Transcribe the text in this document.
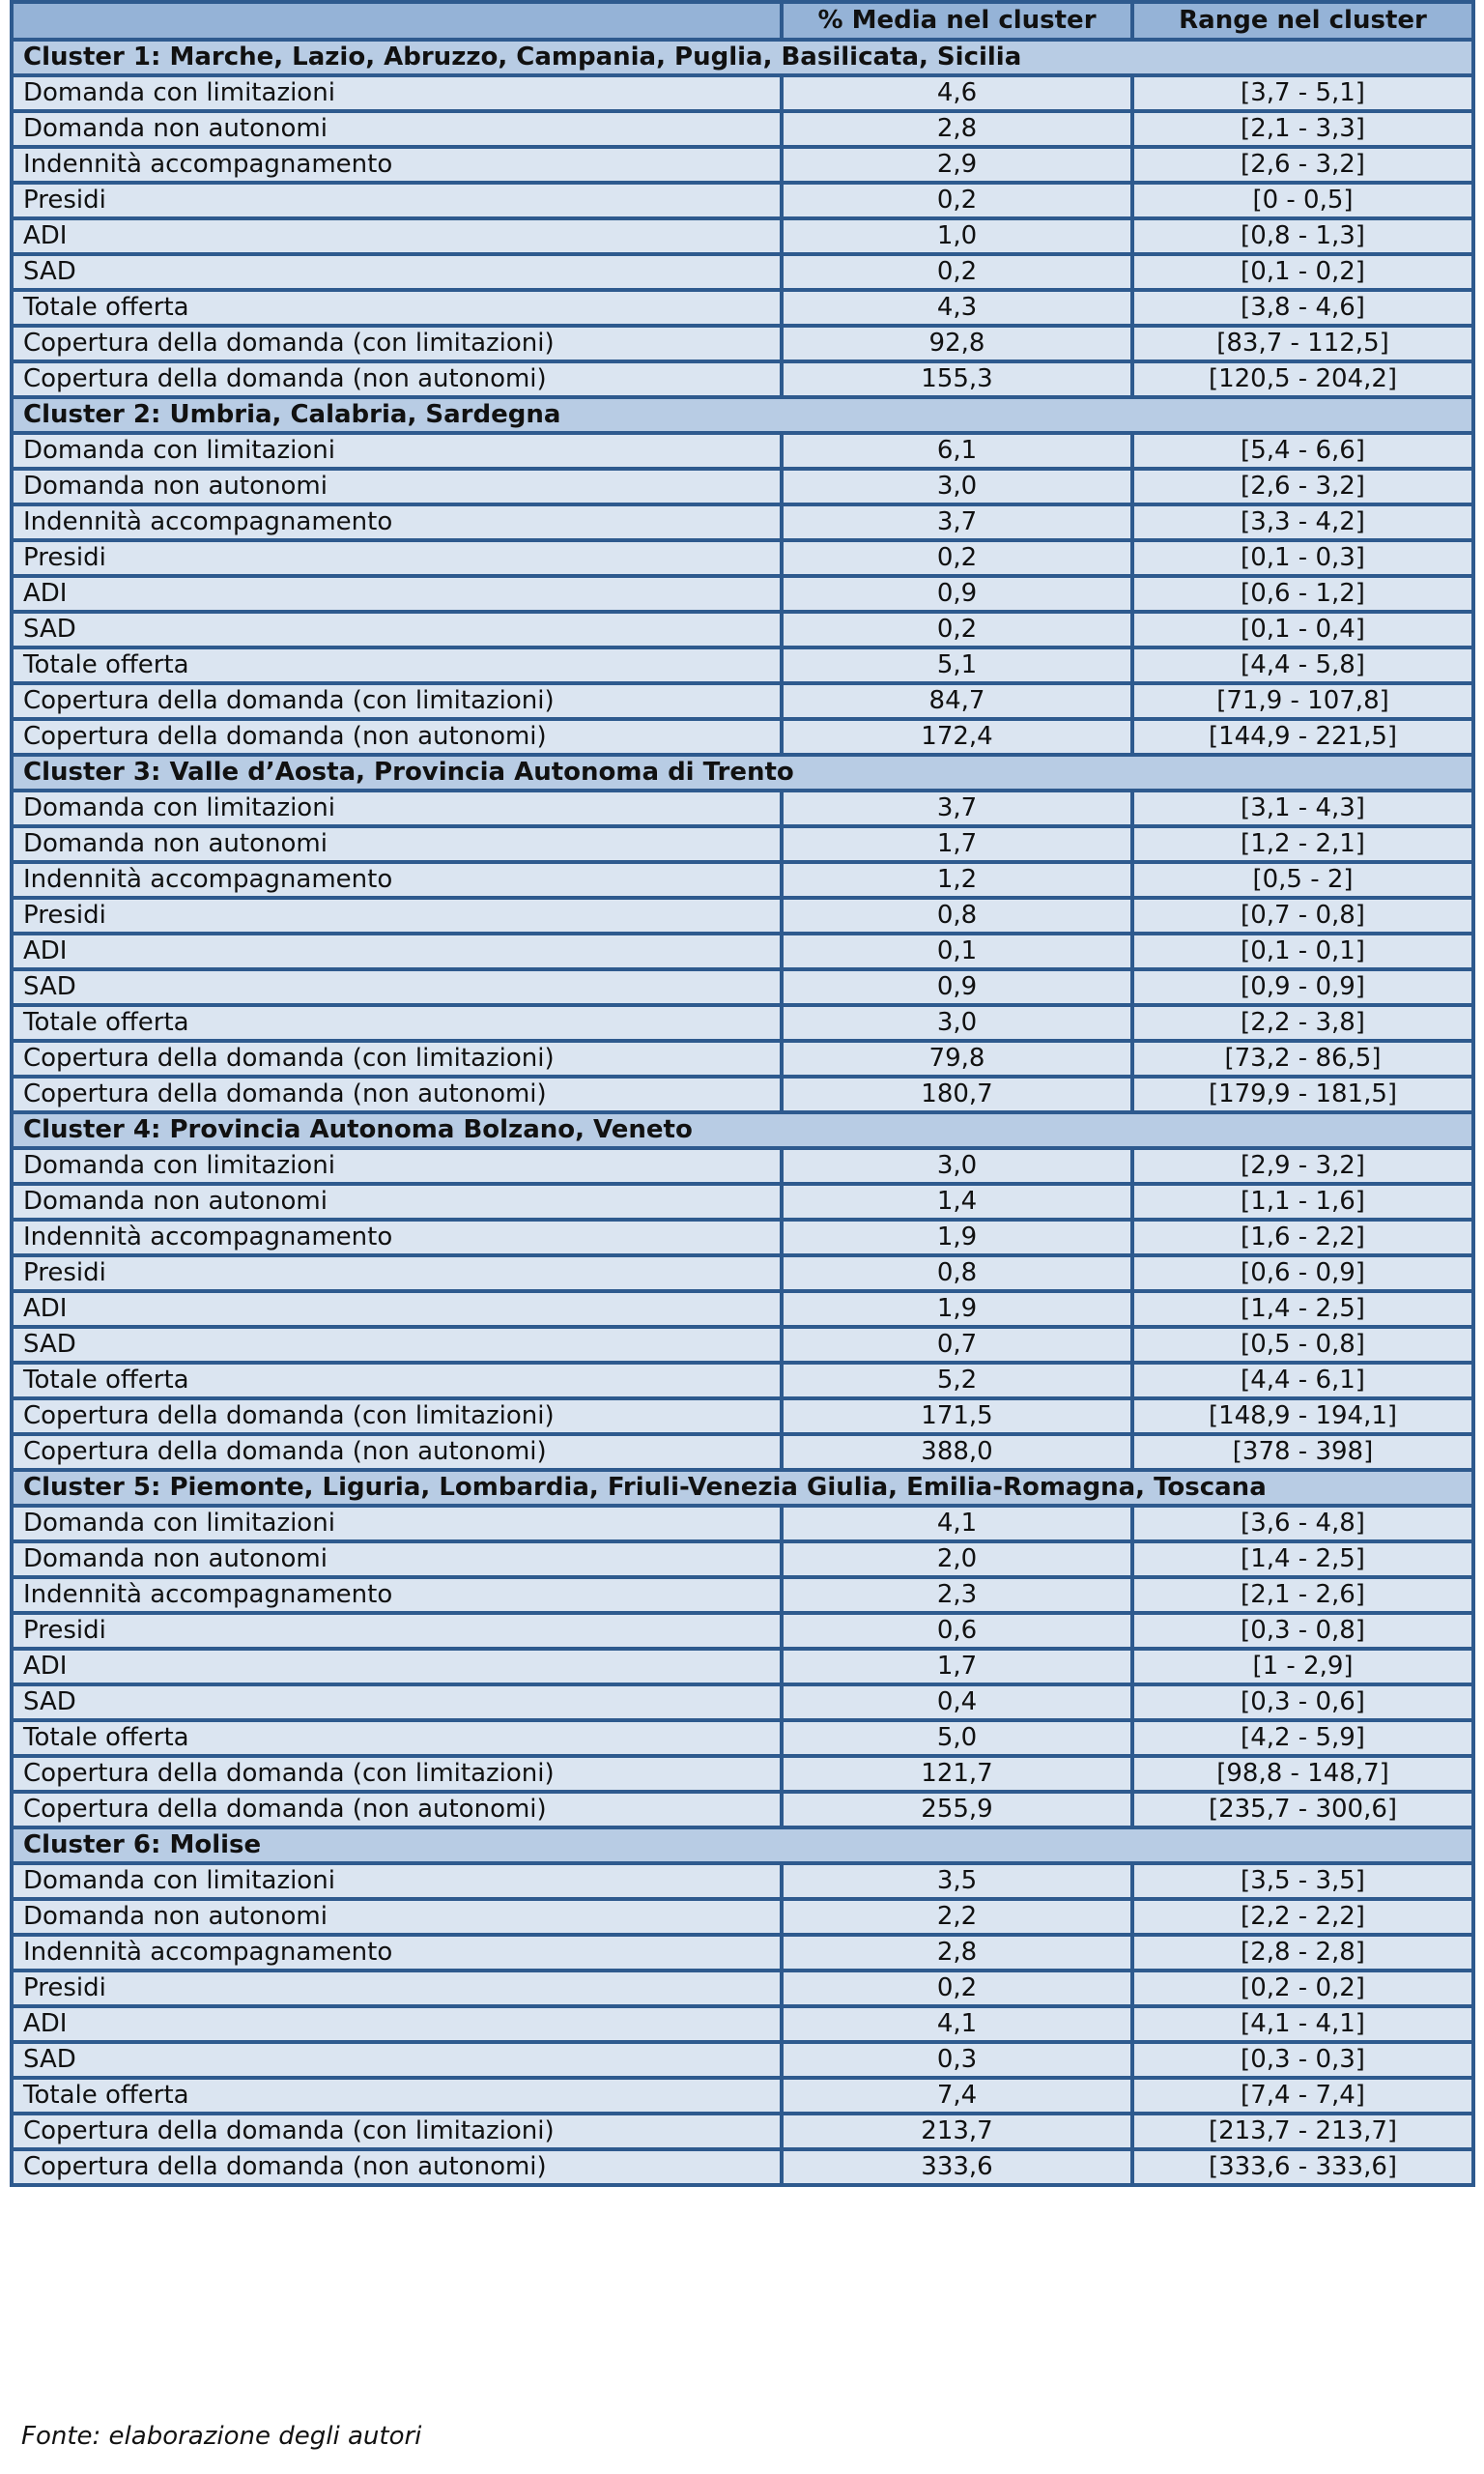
	% Media nel cluster	Range nel cluster
Cluster 1: Marche, Lazio, Abruzzo, Campania, Puglia, Basilicata, Sicilia		
Domanda con limitazioni	4,6	[3,7 - 5,1]
Domanda non autonomi	2,8	[2,1 - 3,3]
Indennità accompagnamento	2,9	[2,6 - 3,2]
Presidi	0,2	[0 - 0,5]
ADI	1,0	[0,8 - 1,3]
SAD	0,2	[0,1 - 0,2]
Totale offerta	4,3	[3,8 - 4,6]
Copertura della domanda (con limitazioni)	92,8	[83,7 - 112,5]
Copertura della domanda (non autonomi)	155,3	[120,5 - 204,2]
Cluster 2: Umbria, Calabria, Sardegna		
Domanda con limitazioni	6,1	[5,4 - 6,6]
Domanda non autonomi	3,0	[2,6 - 3,2]
Indennità accompagnamento	3,7	[3,3 - 4,2]
Presidi	0,2	[0,1 - 0,3]
ADI	0,9	[0,6 - 1,2]
SAD	0,2	[0,1 - 0,4]
Totale offerta	5,1	[4,4 - 5,8]
Copertura della domanda (con limitazioni)	84,7	[71,9 - 107,8]
Copertura della domanda (non autonomi)	172,4	[144,9 - 221,5]
Cluster 3: Valle d’Aosta, Provincia Autonoma di Trento		
Domanda con limitazioni	3,7	[3,1 - 4,3]
Domanda non autonomi	1,7	[1,2 - 2,1]
Indennità accompagnamento	1,2	[0,5 - 2]
Presidi	0,8	[0,7 - 0,8]
ADI	0,1	[0,1 - 0,1]
SAD	0,9	[0,9 - 0,9]
Totale offerta	3,0	[2,2 - 3,8]
Copertura della domanda (con limitazioni)	79,8	[73,2 - 86,5]
Copertura della domanda (non autonomi)	180,7	[179,9 - 181,5]
Cluster 4: Provincia Autonoma Bolzano, Veneto		
Domanda con limitazioni	3,0	[2,9 - 3,2]
Domanda non autonomi	1,4	[1,1 - 1,6]
Indennità accompagnamento	1,9	[1,6 - 2,2]
Presidi	0,8	[0,6 - 0,9]
ADI	1,9	[1,4 - 2,5]
SAD	0,7	[0,5 - 0,8]
Totale offerta	5,2	[4,4 - 6,1]
Copertura della domanda (con limitazioni)	171,5	[148,9 - 194,1]
Copertura della domanda (non autonomi)	388,0	[378 - 398]
Cluster 5: Piemonte, Liguria, Lombardia, Friuli-Venezia Giulia, Emilia-Romagna, Toscana		
Domanda con limitazioni	4,1	[3,6 - 4,8]
Domanda non autonomi	2,0	[1,4 - 2,5]
Indennità accompagnamento	2,3	[2,1 - 2,6]
Presidi	0,6	[0,3 - 0,8]
ADI	1,7	[1 - 2,9]
SAD	0,4	[0,3 - 0,6]
Totale offerta	5,0	[4,2 - 5,9]
Copertura della domanda (con limitazioni)	121,7	[98,8 - 148,7]
Copertura della domanda (non autonomi)	255,9	[235,7 - 300,6]
Cluster 6: Molise		
Domanda con limitazioni	3,5	[3,5 - 3,5]
Domanda non autonomi	2,2	[2,2 - 2,2]
Indennità accompagnamento	2,8	[2,8 - 2,8]
Presidi	0,2	[0,2 - 0,2]
ADI	4,1	[4,1 - 4,1]
SAD	0,3	[0,3 - 0,3]
Totale offerta	7,4	[7,4 - 7,4]
Copertura della domanda (con limitazioni)	213,7	[213,7 - 213,7]
Copertura della domanda (non autonomi)	333,6	[333,6 - 333,6]
Fonte: elaborazione degli autori
